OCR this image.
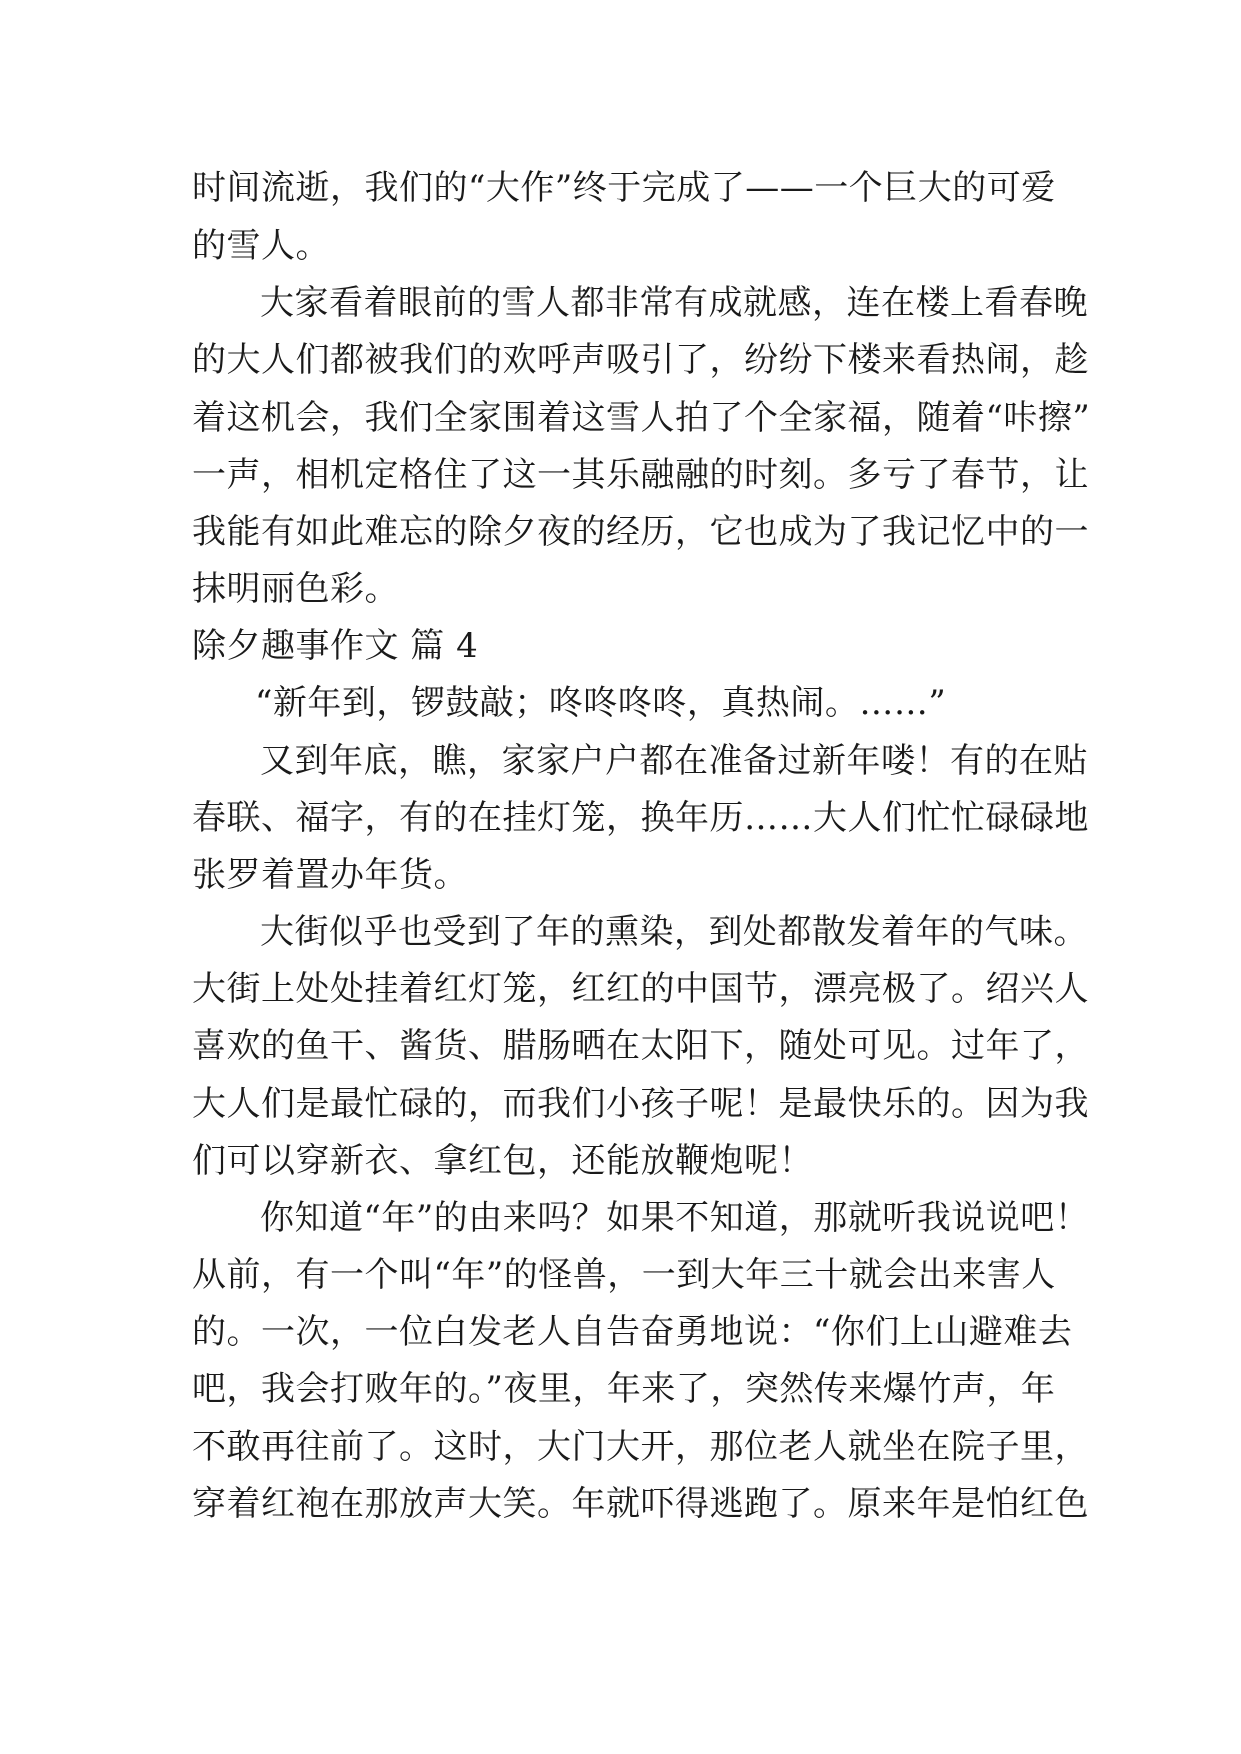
时间流逝，我们的“大作”终于完成了——一个巨大的可爱
的雪人。
大家看着眼前的雪人都非常有成就感，连在楼上看春晚
的大人们都被我们的欢呼声吸引了，纷纷下楼来看热闹，趁
着这机会，我们全家围着这雪人拍了个全家福，随着“咔擦”
一声，相机定格住了这一其乐融融的时刻。多亏了春节，让
我能有如此难忘的除夕夜的经历，它也成为了我记忆中的一
抹明丽色彩。
除夕趣事作文 篇 4
“新年到，锣鼓敲；咚咚咚咚，真热闹。……”
又到年底，瞧，家家户户都在准备过新年喽！有的在贴
春联、福字，有的在挂灯笼，换年历……大人们忙忙碌碌地
张罗着置办年货。
大街似乎也受到了年的熏染，到处都散发着年的气味。
大街上处处挂着红灯笼，红红的中国节，漂亮极了。绍兴人
喜欢的鱼干、酱货、腊肠晒在太阳下，随处可见。过年了，
大人们是最忙碌的，而我们小孩子呢！是最快乐的。因为我
们可以穿新衣、拿红包，还能放鞭炮呢！
你知道“年”的由来吗？如果不知道，那就听我说说吧！
从前，有一个叫“年”的怪兽，一到大年三十就会出来害人
的。一次，一位白发老人自告奋勇地说：“你们上山避难去
吧，我会打败年的。”夜里，年来了，突然传来爆竹声，年
不敢再往前了。这时，大门大开，那位老人就坐在院子里，
穿着红袍在那放声大笑。年就吓得逃跑了。原来年是怕红色
